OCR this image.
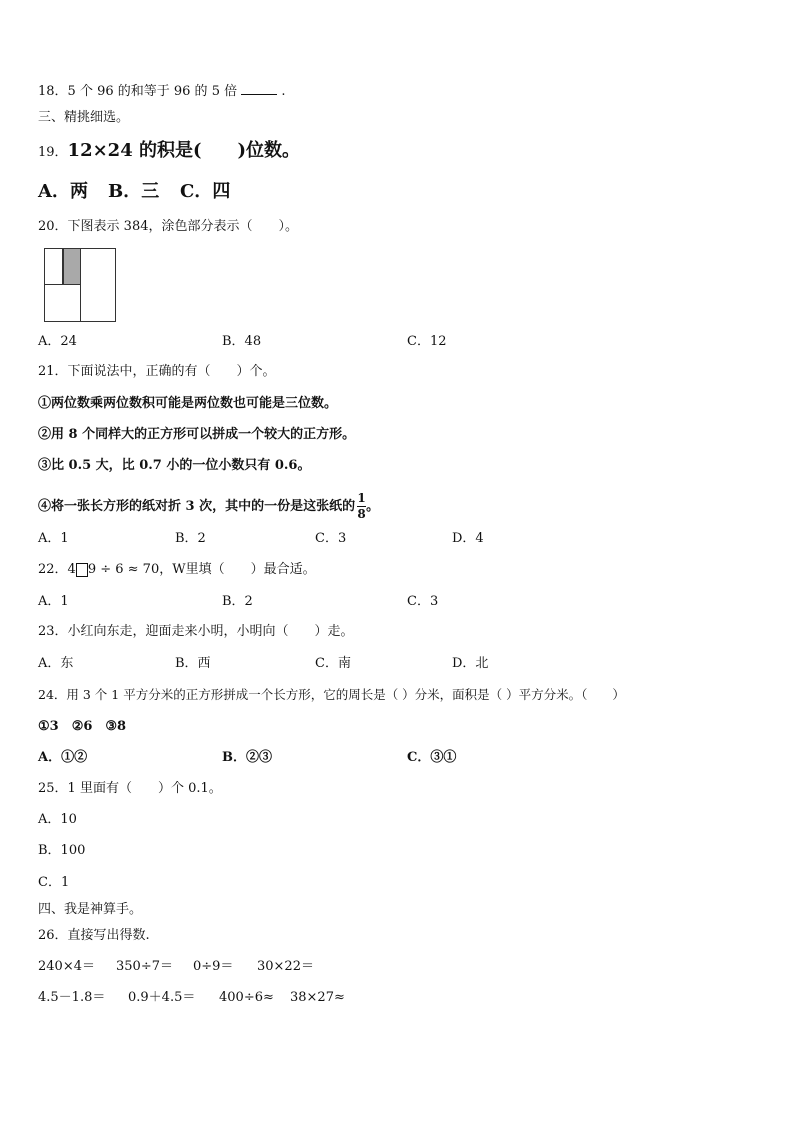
18．5 个 96 的和等于 96 的 5 倍	.
三、精挑细选。
19．12×24 的积是(　　)位数。
A．两 B．三 C．四
20．下图表示 384，涂色部分表示（　　）。
A．24	B．48	C．12
21．下面说法中，正确的有（　　）个。
①两位数乘两位数积可能是两位数也可能是三位数。
②用 8 个同样大的正方形可以拼成一个较大的正方形。
③比 0.5 大，比 0.7 小的一位小数只有 0.6。
④将一张长方形的纸对折 3 次，其中的一份是这张纸的 $\frac{1}{8}$ 。
A．1	B．2	C．3	D．4
22．4 9 ÷ 6 ≈ 70，W里填（　　）最合适。
A．1	B．2	C．3
23．小红向东走，迎面走来小明，小明向（　　）走。
A．东	B．西	C．南	D．北
24．用 3 个 1 平方分米的正方形拼成一个长方形，它的周长是（ ）分米，面积是（ ）平方分米。（　　）
①3　②6　③8
A．①②	B．②③	C．③①
25．1 里面有（　　）个 0.1。
A．10
B．100
C．1
四、我是神算手。
26．直接写出得数.
240×4＝ 350÷7＝ 0÷9＝ 30×22＝
4.5－1.8＝ 0.9＋4.5＝ 400÷6≈ 38×27≈
